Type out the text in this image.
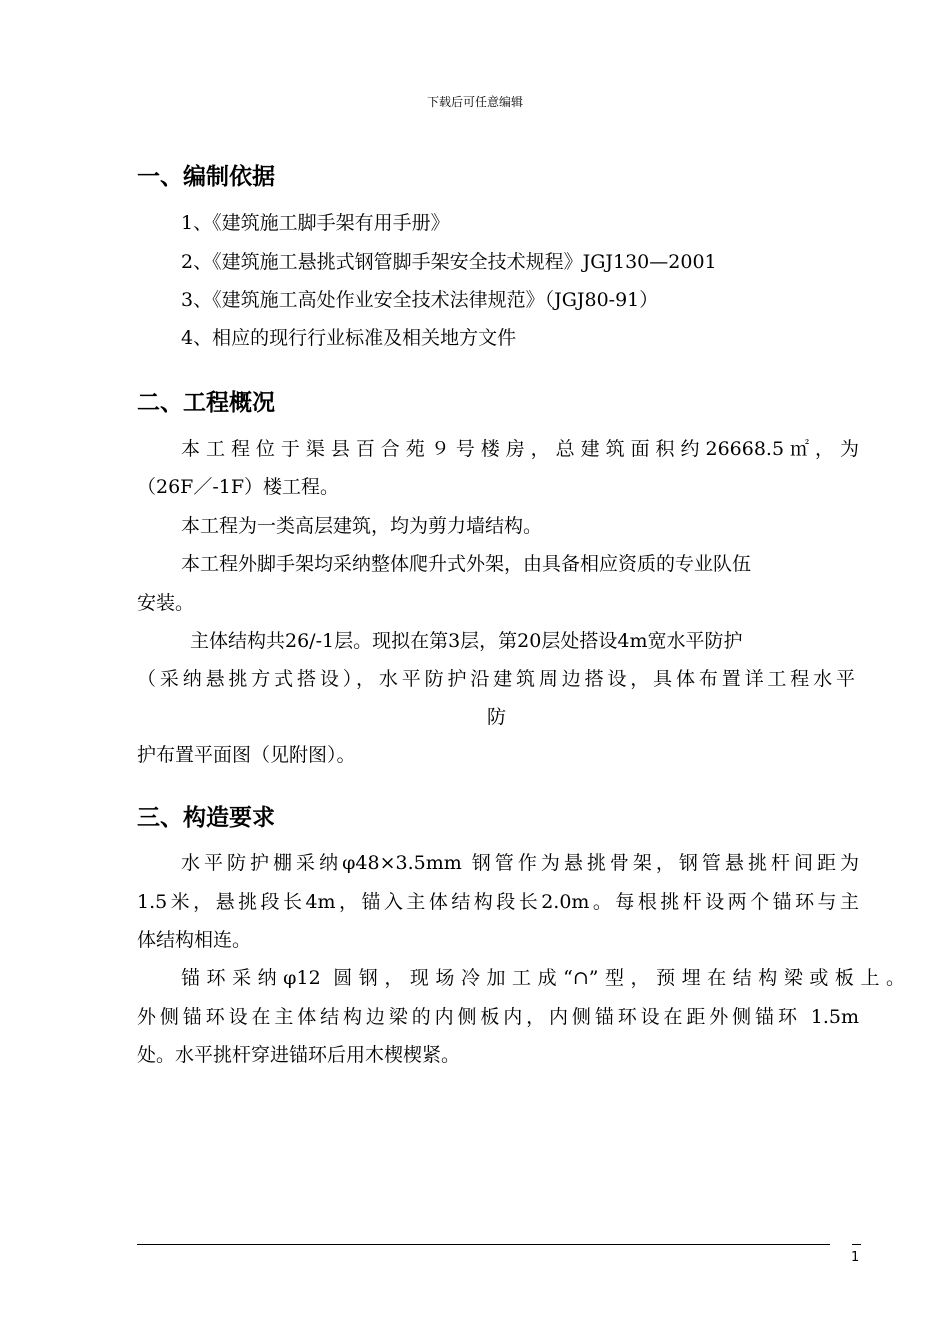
下载后可任意编辑
一、编制依据
1、《建筑施工脚手架有用手册》
2、《建筑施工悬挑式钢管脚手架安全技术规程》JGJ130—2001
3、《建筑施工高处作业安全技术法律规范》（JGJ80-91）
4、相应的现行行业标准及相关地方文件
二、工程概况
本工程位于渠县百合苑９号楼房，总建筑面积约26668.5㎡，为
（26F／-1F）楼工程。
本工程为一类高层建筑，均为剪力墙结构。
本工程外脚手架均采纳整体爬升式外架，由具备相应资质的专业队伍
安装。
主体结构共26/-1层。现拟在第3层，第20层处搭设4m宽水平防护
（采纳悬挑方式搭设），水平防护沿建筑周边搭设，具体布置详工程水平
防
护布置平面图（见附图）。
三、构造要求
水平防护棚采纳φ48×3.5mm 钢管作为悬挑骨架，钢管悬挑杆间距为
1.5米，悬挑段长4m，锚入主体结构段长2.0m。每根挑杆设两个锚环与主
体结构相连。
锚环采纳φ12 圆钢，现场冷加工成“∩”型，预埋在结构梁或板上。
外侧锚环设在主体结构边梁的内侧板内，内侧锚环设在距外侧锚环 1.5m
处。水平挑杆穿进锚环后用木楔楔紧。
1
